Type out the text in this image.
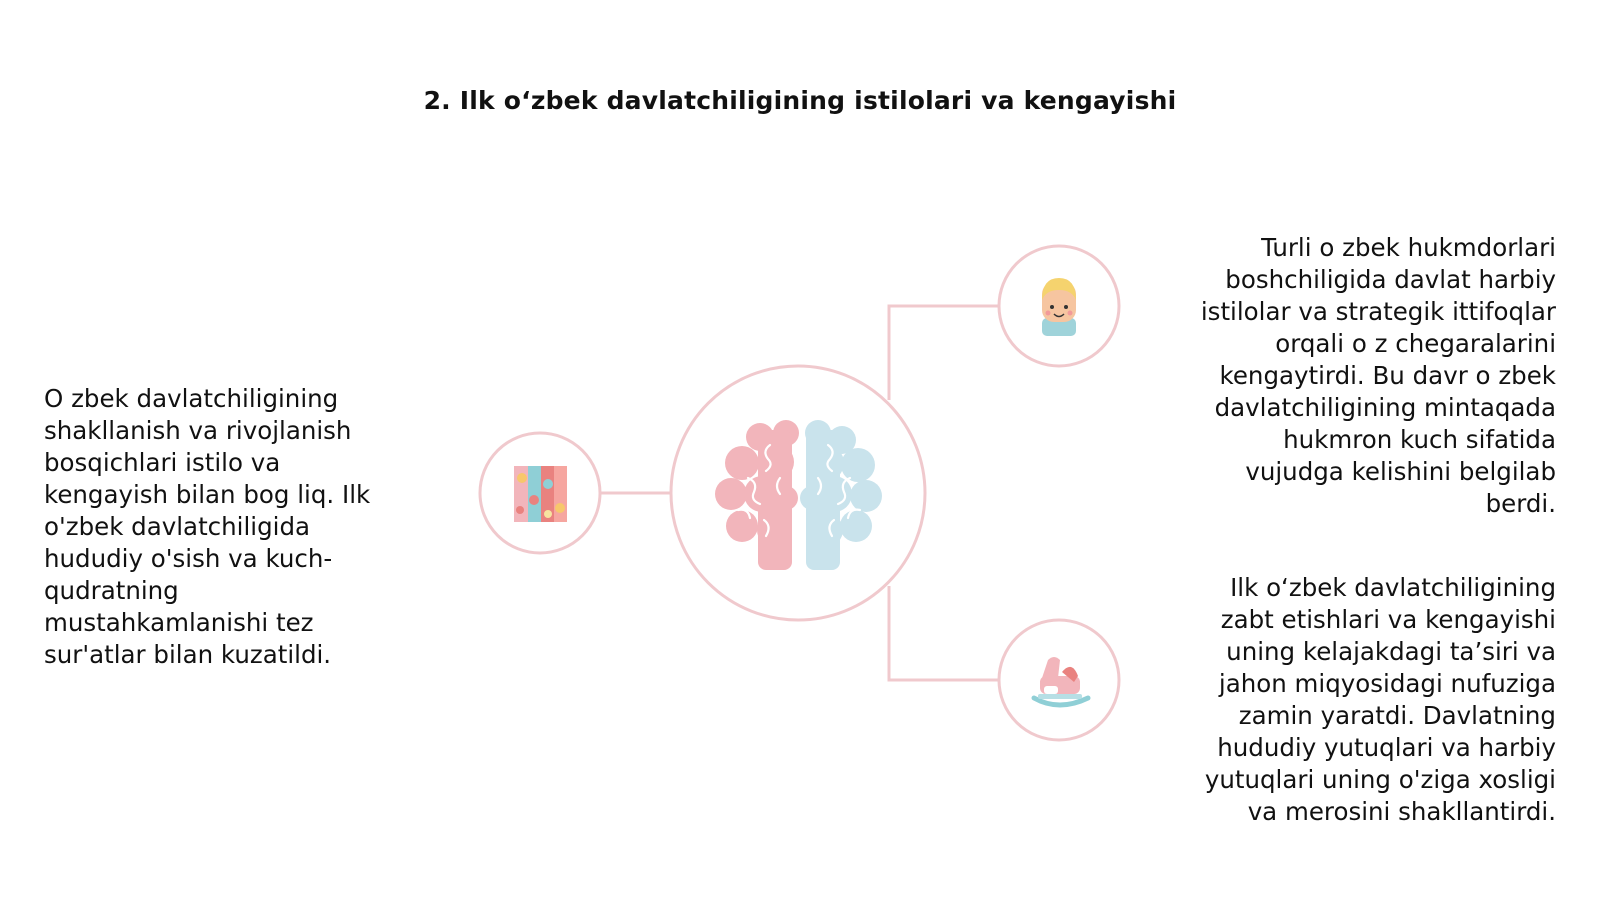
2. Ilk o‘zbek davlatchiligining istilolari va kengayishi
O zbek davlatchiligining
shakllanish va rivojlanish
bosqichlari istilo va
kengayish bilan bog liq. Ilk
o'zbek davlatchiligida
hududiy o'sish va kuch-
qudratning
mustahkamlanishi tez
sur'atlar bilan kuzatildi.
Turli o zbek hukmdorlari
boshchiligida davlat harbiy
istilolar va strategik ittifoqlar
orqali o z chegaralarini
kengaytirdi. Bu davr o zbek
davlatchiligining mintaqada
hukmron kuch sifatida
vujudga kelishini belgilab
berdi.
Ilk o‘zbek davlatchiligining
zabt etishlari va kengayishi
uning kelajakdagi ta’siri va
jahon miqyosidagi nufuziga
zamin yaratdi. Davlatning
hududiy yutuqlari va harbiy
yutuqlari uning o'ziga xosligi
va merosini shakllantirdi.
